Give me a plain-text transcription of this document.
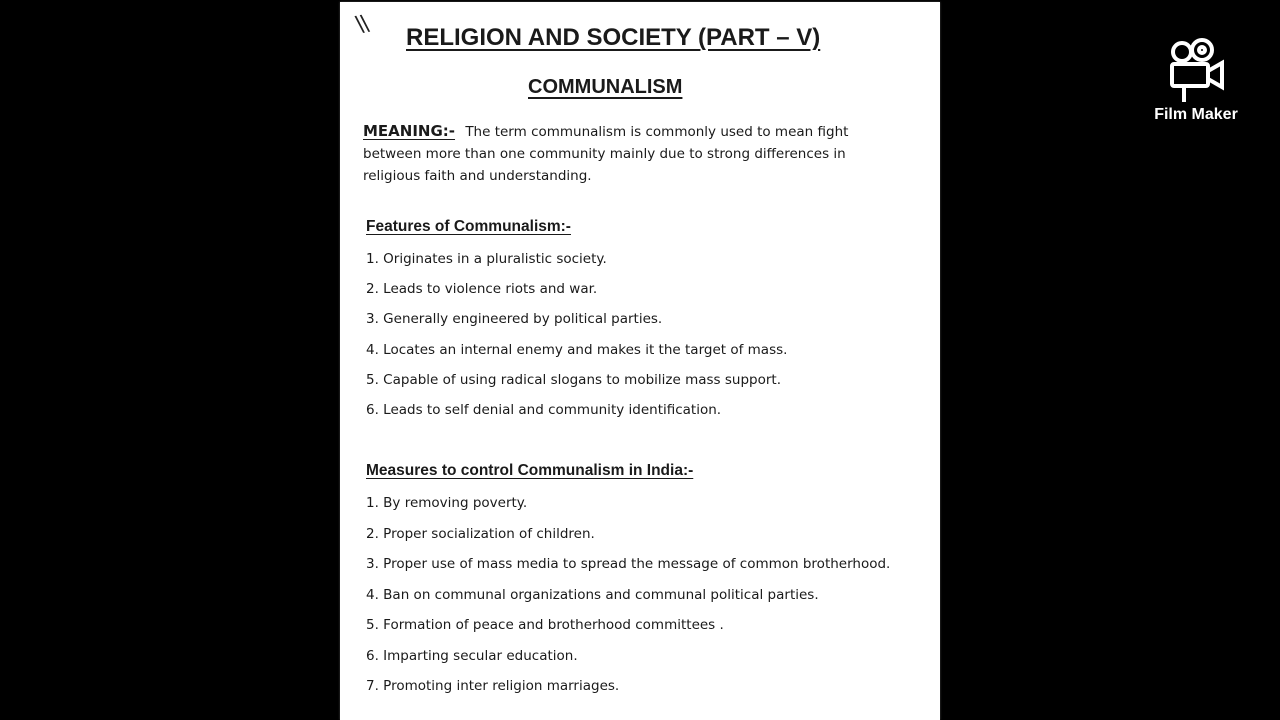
\\ RELIGION AND SOCIETY (PART – V)
COMMUNALISM
MEANING:- The term communalism is commonly used to mean fight between more than one community mainly due to strong differences in religious faith and understanding.
Features of Communalism:-
1. Originates in a pluralistic society.
2. Leads to violence riots and war.
3. Generally engineered by political parties.
4. Locates an internal enemy and makes it the target of mass.
5. Capable of using radical slogans to mobilize mass support.
6. Leads to self denial and community identification.
Measures to control Communalism in India:-
1. By removing poverty.
2. Proper socialization of children.
3. Proper use of mass media to spread the message of common brotherhood.
4. Ban on communal organizations and communal political parties.
5. Formation of peace and brotherhood committees .
6. Imparting secular education.
7. Promoting inter religion marriages.
Film Maker
